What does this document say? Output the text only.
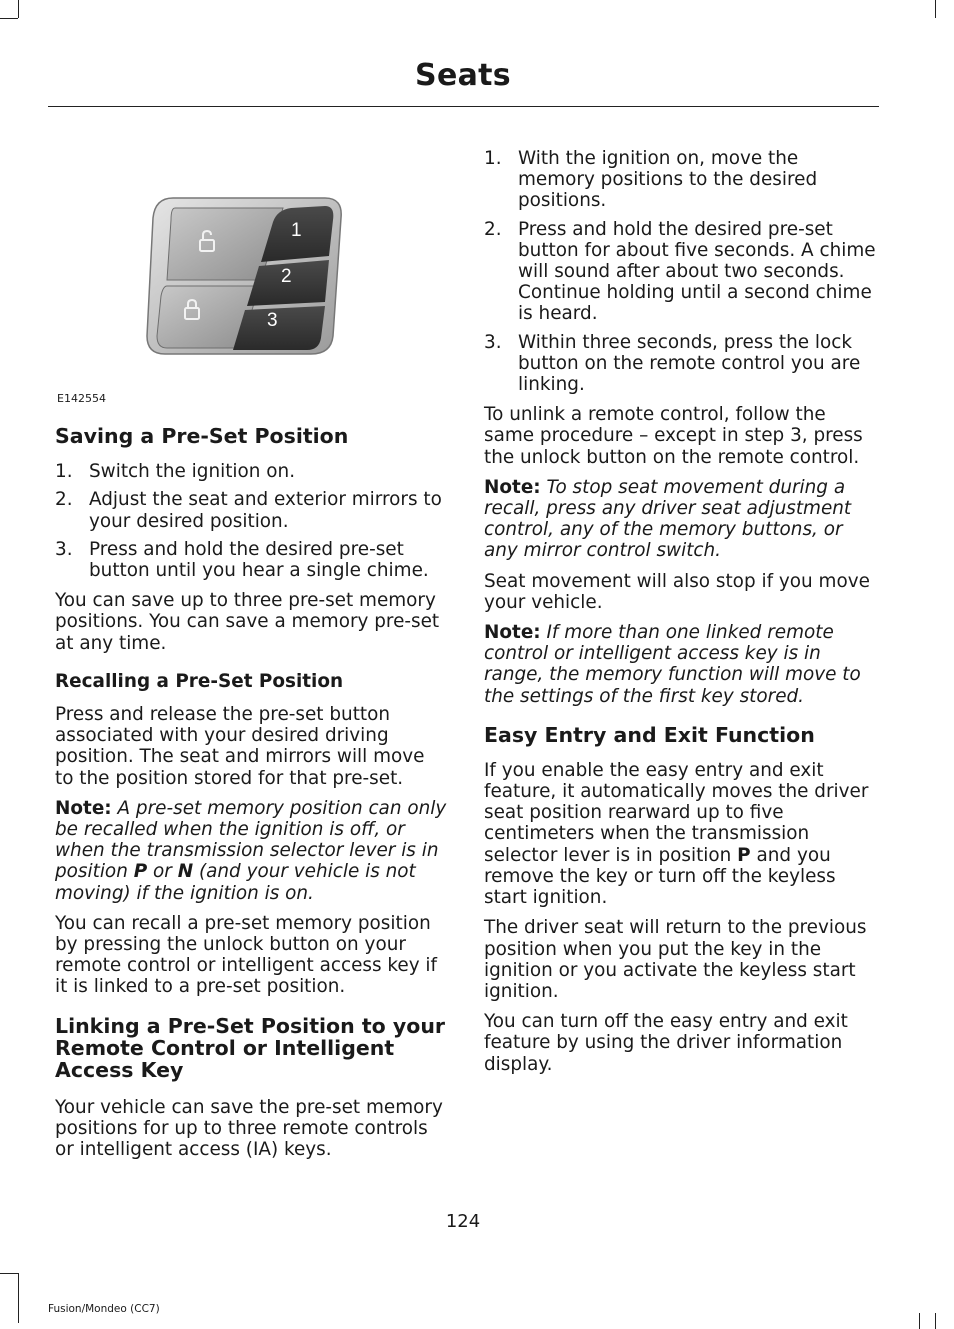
Seats
1
2
3
E142554
Saving a Pre-Set Position
1. Switch the ignition on.
2. Adjust the seat and exterior mirrors to your desired position.
3. Press and hold the desired pre-set button until you hear a single chime.

You can save up to three pre-set memory positions. You can save a memory pre-set at any time.

Recalling a Pre-Set Position

Press and release the pre-set button associated with your desired driving position. The seat and mirrors will move to the position stored for that pre-set.

Note: A pre-set memory position can only be recalled when the ignition is off, or when the transmission selector lever is in position P or N (and your vehicle is not moving) if the ignition is on.

You can recall a pre-set memory position by pressing the unlock button on your remote control or intelligent access key if it is linked to a pre-set position.

Linking a Pre-Set Position to your Remote Control or Intelligent Access Key

Your vehicle can save the pre-set memory positions for up to three remote controls or intelligent access (IA) keys.

1. With the ignition on, move the memory positions to the desired positions.
2. Press and hold the desired pre-set button for about five seconds. A chime will sound after about two seconds. Continue holding until a second chime is heard.
3. Within three seconds, press the lock button on the remote control you are linking.

To unlink a remote control, follow the same procedure – except in step 3, press the unlock button on the remote control.

Note: To stop seat movement during a recall, press any driver seat adjustment control, any of the memory buttons, or any mirror control switch.

Seat movement will also stop if you move your vehicle.

Note: If more than one linked remote control or intelligent access key is in range, the memory function will move to the settings of the first key stored.

Easy Entry and Exit Function

If you enable the easy entry and exit feature, it automatically moves the driver seat position rearward up to five centimeters when the transmission selector lever is in position P and you remove the key or turn off the keyless start ignition.

The driver seat will return to the previous position when you put the key in the ignition or you activate the keyless start ignition.

You can turn off the easy entry and exit feature by using the driver information display.

124
Fusion/Mondeo (CC7)
